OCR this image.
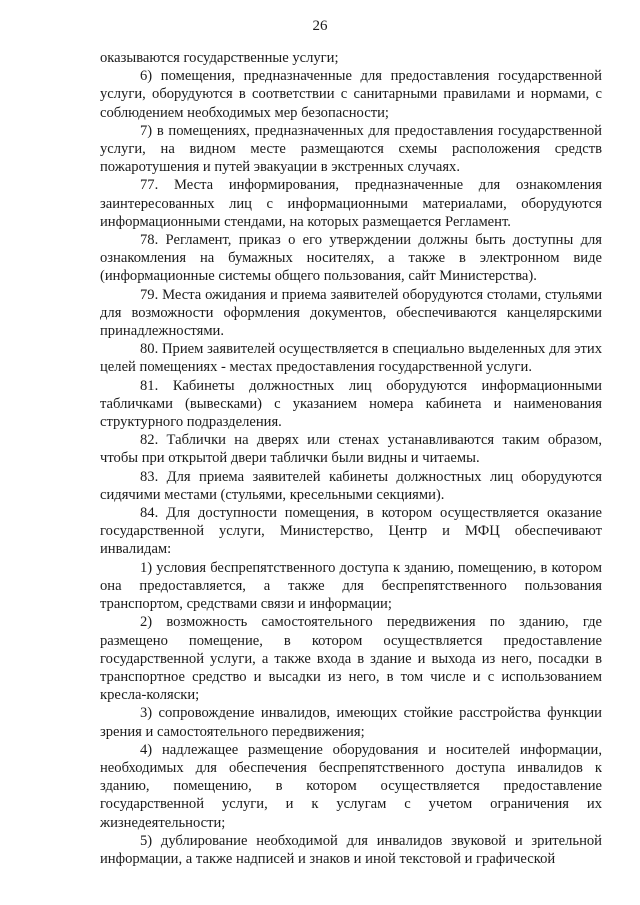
26

оказываются государственные услуги;

6) помещения, предназначенные для предоставления государственной услуги, оборудуются в соответствии с санитарными правилами и нормами, с соблюдением необходимых мер безопасности;

7) в помещениях, предназначенных для предоставления государственной услуги, на видном месте размещаются схемы расположения средств пожаротушения и путей эвакуации в экстренных случаях.

77. Места информирования, предназначенные для ознакомления заинтересованных лиц с информационными материалами, оборудуются информационными стендами, на которых размещается Регламент.

78. Регламент, приказ о его утверждении должны быть доступны для ознакомления на бумажных носителях, а также в электронном виде (информационные системы общего пользования, сайт Министерства).

79. Места ожидания и приема заявителей оборудуются столами, стульями для возможности оформления документов, обеспечиваются канцелярскими принадлежностями.

80. Прием заявителей осуществляется в специально выделенных для этих целей помещениях - местах предоставления государственной услуги.

81. Кабинеты должностных лиц оборудуются информационными табличками (вывесками) с указанием номера кабинета и наименования структурного подразделения.

82. Таблички на дверях или стенах устанавливаются таким образом, чтобы при открытой двери таблички были видны и читаемы.

83. Для приема заявителей кабинеты должностных лиц оборудуются сидячими местами (стульями, кресельными секциями).

84. Для доступности помещения, в котором осуществляется оказание государственной услуги, Министерство, Центр и МФЦ обеспечивают инвалидам:

1) условия беспрепятственного доступа к зданию, помещению, в котором она предоставляется, а также для беспрепятственного пользования транспортом, средствами связи и информации;

2) возможность самостоятельного передвижения по зданию, где размещено помещение, в котором осуществляется предоставление государственной услуги, а также входа в здание и выхода из него, посадки в транспортное средство и высадки из него, в том числе и с использованием кресла-коляски;

3) сопровождение инвалидов, имеющих стойкие расстройства функции зрения и самостоятельного передвижения;

4) надлежащее размещение оборудования и носителей информации, необходимых для обеспечения беспрепятственного доступа инвалидов к зданию, помещению, в котором осуществляется предоставление государственной услуги, и к услугам с учетом ограничения их жизнедеятельности;

5) дублирование необходимой для инвалидов звуковой и зрительной информации, а также надписей и знаков и иной текстовой и графической
